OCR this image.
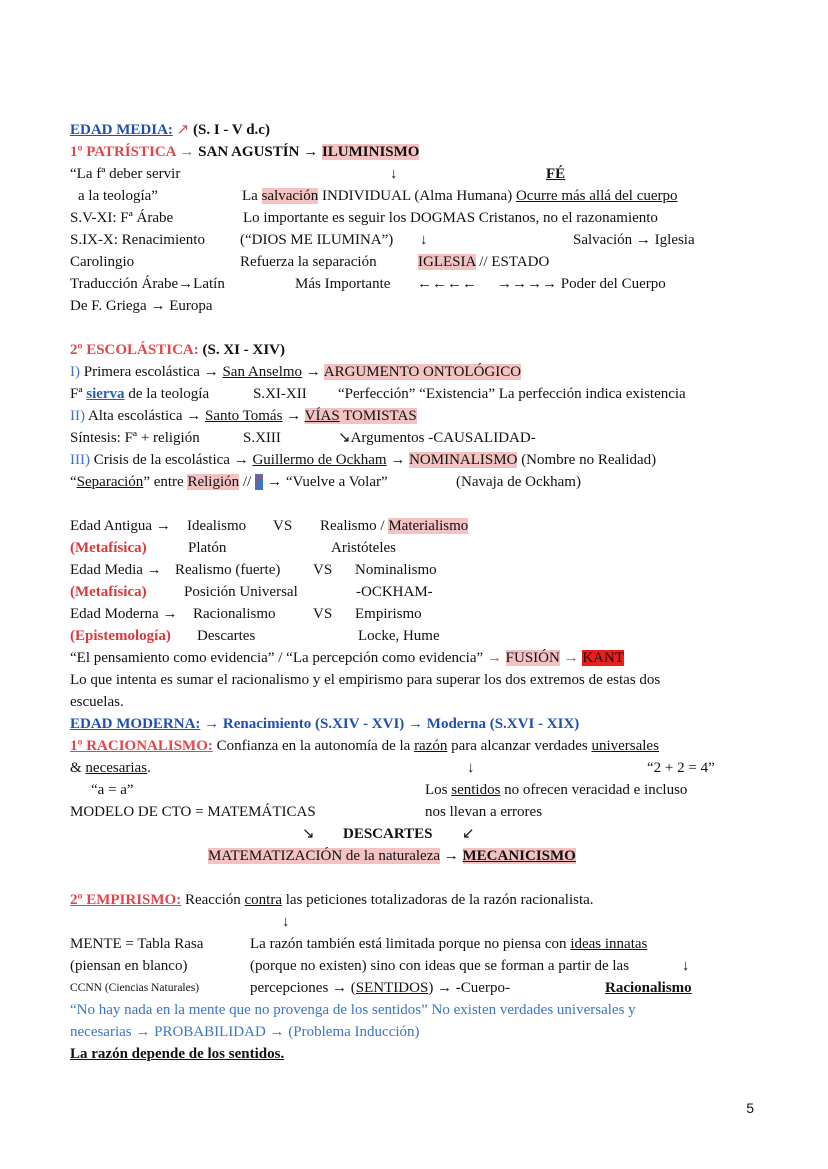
EDAD MEDIA: ↗ (S. I - V d.c)
1º PATRÍSTICA → SAN AGUSTÍN → ILUMINISMO
“La fª deber servir	↓	FÉ
a la teología”	La salvación INDIVIDUAL (Alma Humana) Ocurre más allá del cuerpo
S.V-XI: Fª Árabe	Lo importante es seguir los DOGMAS Cristanos, no el razonamiento
S.IX-X: Renacimiento (“DIOS ME ILUMINA”) ↓	Salvación → Iglesia
Carolingio	Refuerza la separación	IGLESIA // ESTADO
Traducción Árabe→Latín	Más Importante ←←←← →→→→ Poder del Cuerpo
De F. Griega → Europa
2º ESCOLÁSTICA: (S. XI - XIV)
I) Primera escolástica → San Anselmo → ARGUMENTO ONTOLÓGICO
Fª sierva de la teología	S.XI-XII “Perfección” “Existencia” La perfección indica existencia
II) Alta escolástica → Santo Tomás → VÍAS TOMISTAS
Síntesis: Fª + religión	S.XIII	↘Argumentos -CAUSALIDAD-
III) Crisis de la escolástica → Guillermo de Ockham → NOMINALISMO (Nombre no Realidad)
“Separación” entre Religión // F → “Vuelve a Volar”	(Navaja de Ockham)
Edad Antigua → Idealismo VS Realismo / Materialismo
(Metafísica)	Platón	Aristóteles
Edad Media → Realismo (fuerte) VS Nominalismo
(Metafísica) Posición Universal	-OCKHAM-
Edad Moderna → Racionalismo	VS Empirismo
(Epistemología) Descartes	Locke, Hume
“El pensamiento como evidencia” / “La percepción como evidencia” → FUSIÓN → KANT
Lo que intenta es sumar el racionalismo y el empirismo para superar los dos extremos de estas dos
escuelas.
EDAD MODERNA: → Renacimiento (S.XIV - XVI) → Moderna (S.XVI - XIX)
1º RACIONALISMO: Confianza en la autonomía de la razón para alcanzar verdades universales
& necesarias.	↓	“2 + 2 = 4”
“a = a”	Los sentidos no ofrecen veracidad e incluso
MODELO DE CTO = MATEMÁTICAS	nos llevan a errores
↘ DESCARTES ↙
MATEMATIZACIÓN de la naturaleza → MECANICISMO
2º EMPIRISMO: Reacción contra las peticiones totalizadoras de la razón racionalista.
↓
MENTE = Tabla Rasa	La razón también está limitada porque no piensa con ideas innatas
(piensan en blanco)	(porque no existen) sino con ideas que se forman a partir de las	↓
CCNN (Ciencias Naturales)	percepciones → (SENTIDOS) → -Cuerpo-	Racionalismo
“No hay nada en la mente que no provenga de los sentidos” No existen verdades universales y
necesarias → PROBABILIDAD → (Problema Inducción)
La razón depende de los sentidos.
5
